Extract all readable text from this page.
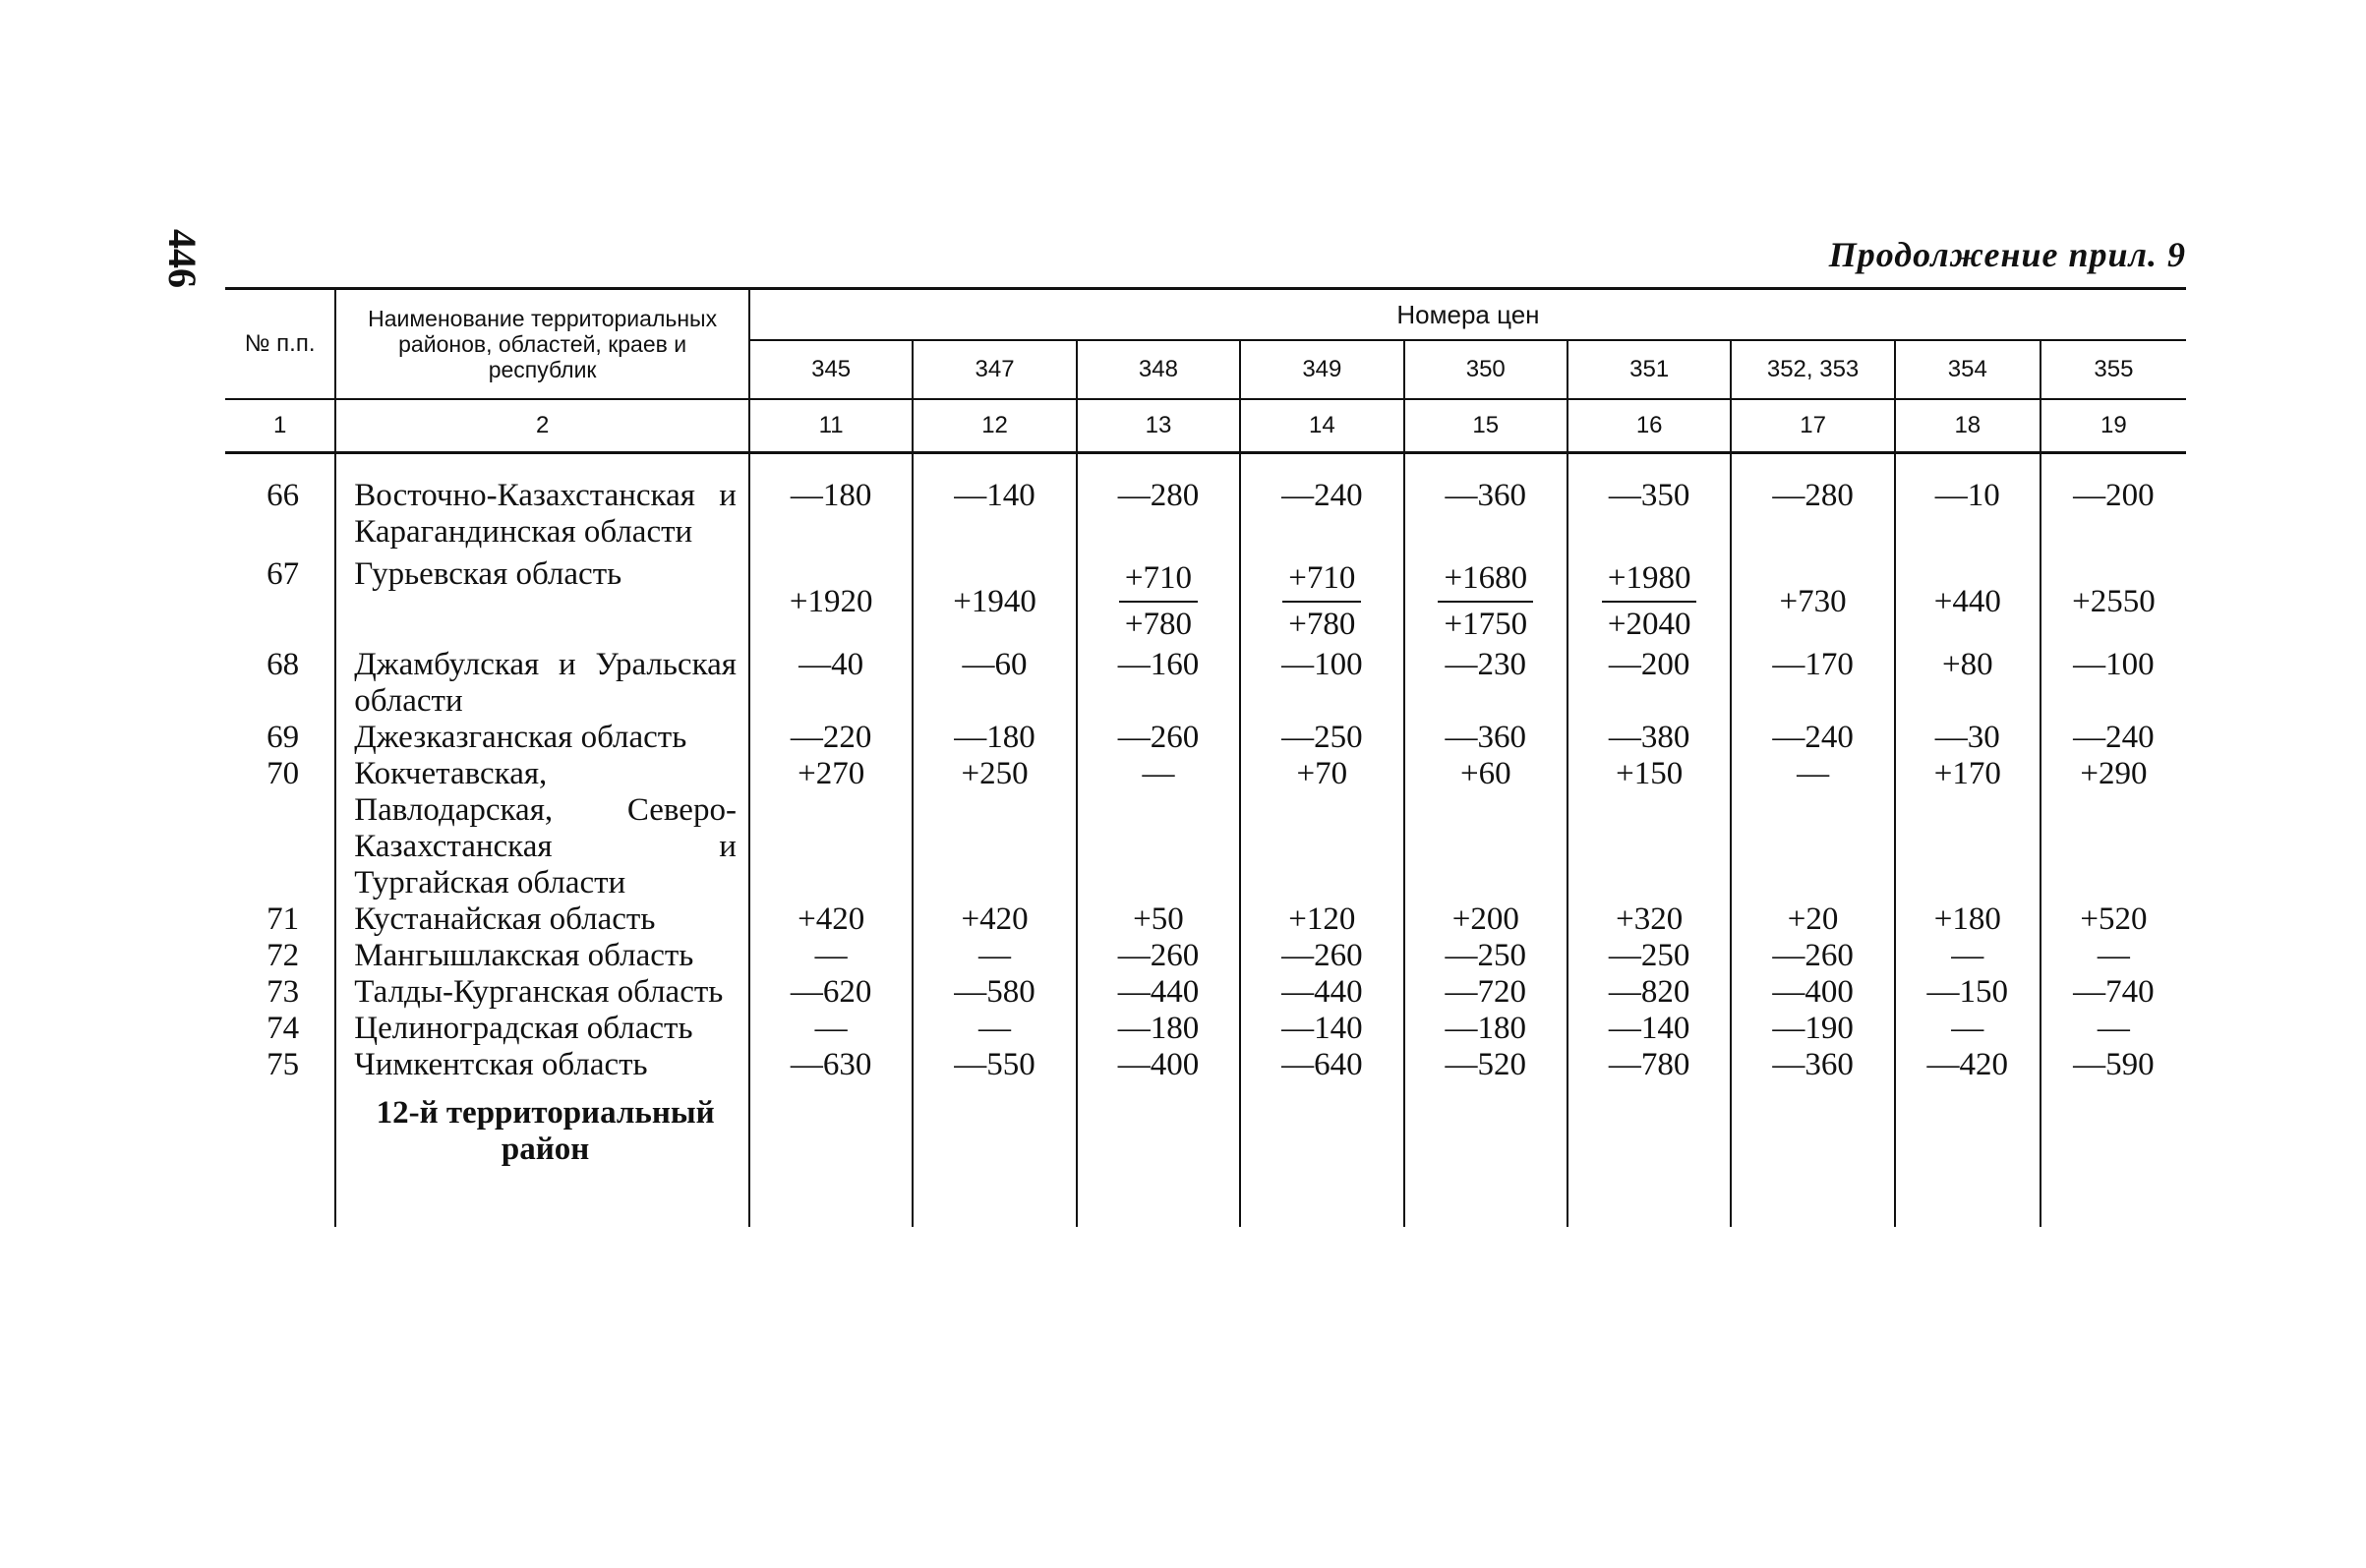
446	Продолжение прил. 9
№ п.п.	Наименование территориальных районов, областей, краев и республик	Номера цен								
		345	347	348	349	350	351	352, 353	354	355
1	2	11	12	13	14	15	16	17	18	19
66	Восточно-Казахстанская и Карагандинская области	—180	—140	—280	—240	—360	—350	—280	—10	—200
67	Гурьевская область	+1920	+1940	$\frac{+710}{+780}$	$\frac{+710}{+780}$	$\frac{+1680}{+1750}$	$\frac{+1980}{+2040}$	+730	+440	+2550
68	Джамбулская и Уральская области	—40	—60	—160	—100	—230	—200	—170	+80	—100
69	Джезказганская область	—220	—180	—260	—250	—360	—380	—240	—30	—240
70	Кокчетавская, Павлодарская, Северо-Казахстанская и Тургайская области	+270	+250	—	+70	+60	+150	—	+170	+290
71	Кустанайская область	+420	+420	+50	+120	+200	+320	+20	+180	+520
72	Мангышлакская область	—	—	—260	—260	—250	—250	—260	—	—
73	Талды-Курганская область	—620	—580	—440	—440	—720	—820	—400	—150	—740
74	Целиноградская область	—	—	—180	—140	—180	—140	—190	—	—
75	Чимкентская область	—630	—550	—400	—640	—520	—780	—360	—420	—590
	12-й территориальный район									
